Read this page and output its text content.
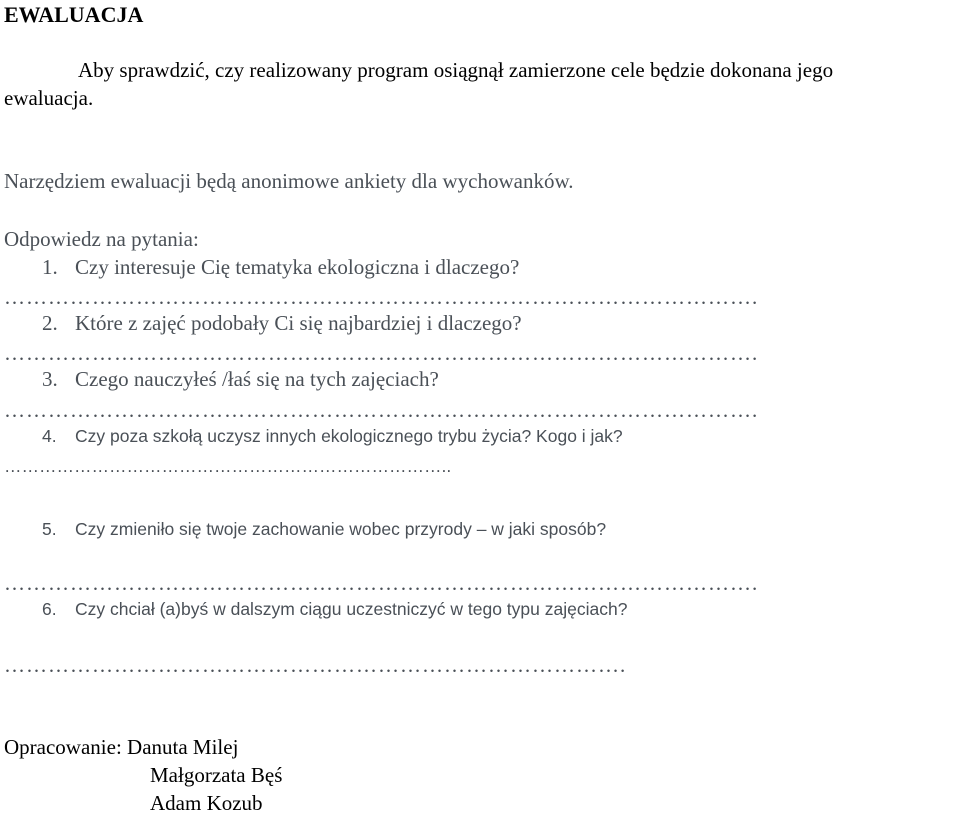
EWALUACJA
Aby sprawdzić, czy realizowany program osiągnął zamierzone cele będzie dokonana jego
ewaluacja.
Narzędziem ewaluacji będą anonimowe ankiety dla wychowanków.
Odpowiedz na pytania:
1. Czy interesuje Cię tematyka ekologiczna i dlaczego?
………………………………………………………………………………………….
2. Które z zajęć podobały Ci się najbardziej i dlaczego?
………………………………………………………………………………………….
3. Czego nauczyłeś /łaś się na tych zajęciach?
………………………………………………………………………………………….
4. Czy poza szkołą uczysz innych ekologicznego trybu życia? Kogo i jak?
…………………………………………………………………..
5. Czy zmieniło się twoje zachowanie wobec przyrody – w jaki sposób?
………………………………………………………………………………………….
6. Czy chciał (a)byś w dalszym ciągu uczestniczyć w tego typu zajęciach?
………………………………………………………………………….
Opracowanie: Danuta Milej
Małgorzata Bęś
Adam Kozub
